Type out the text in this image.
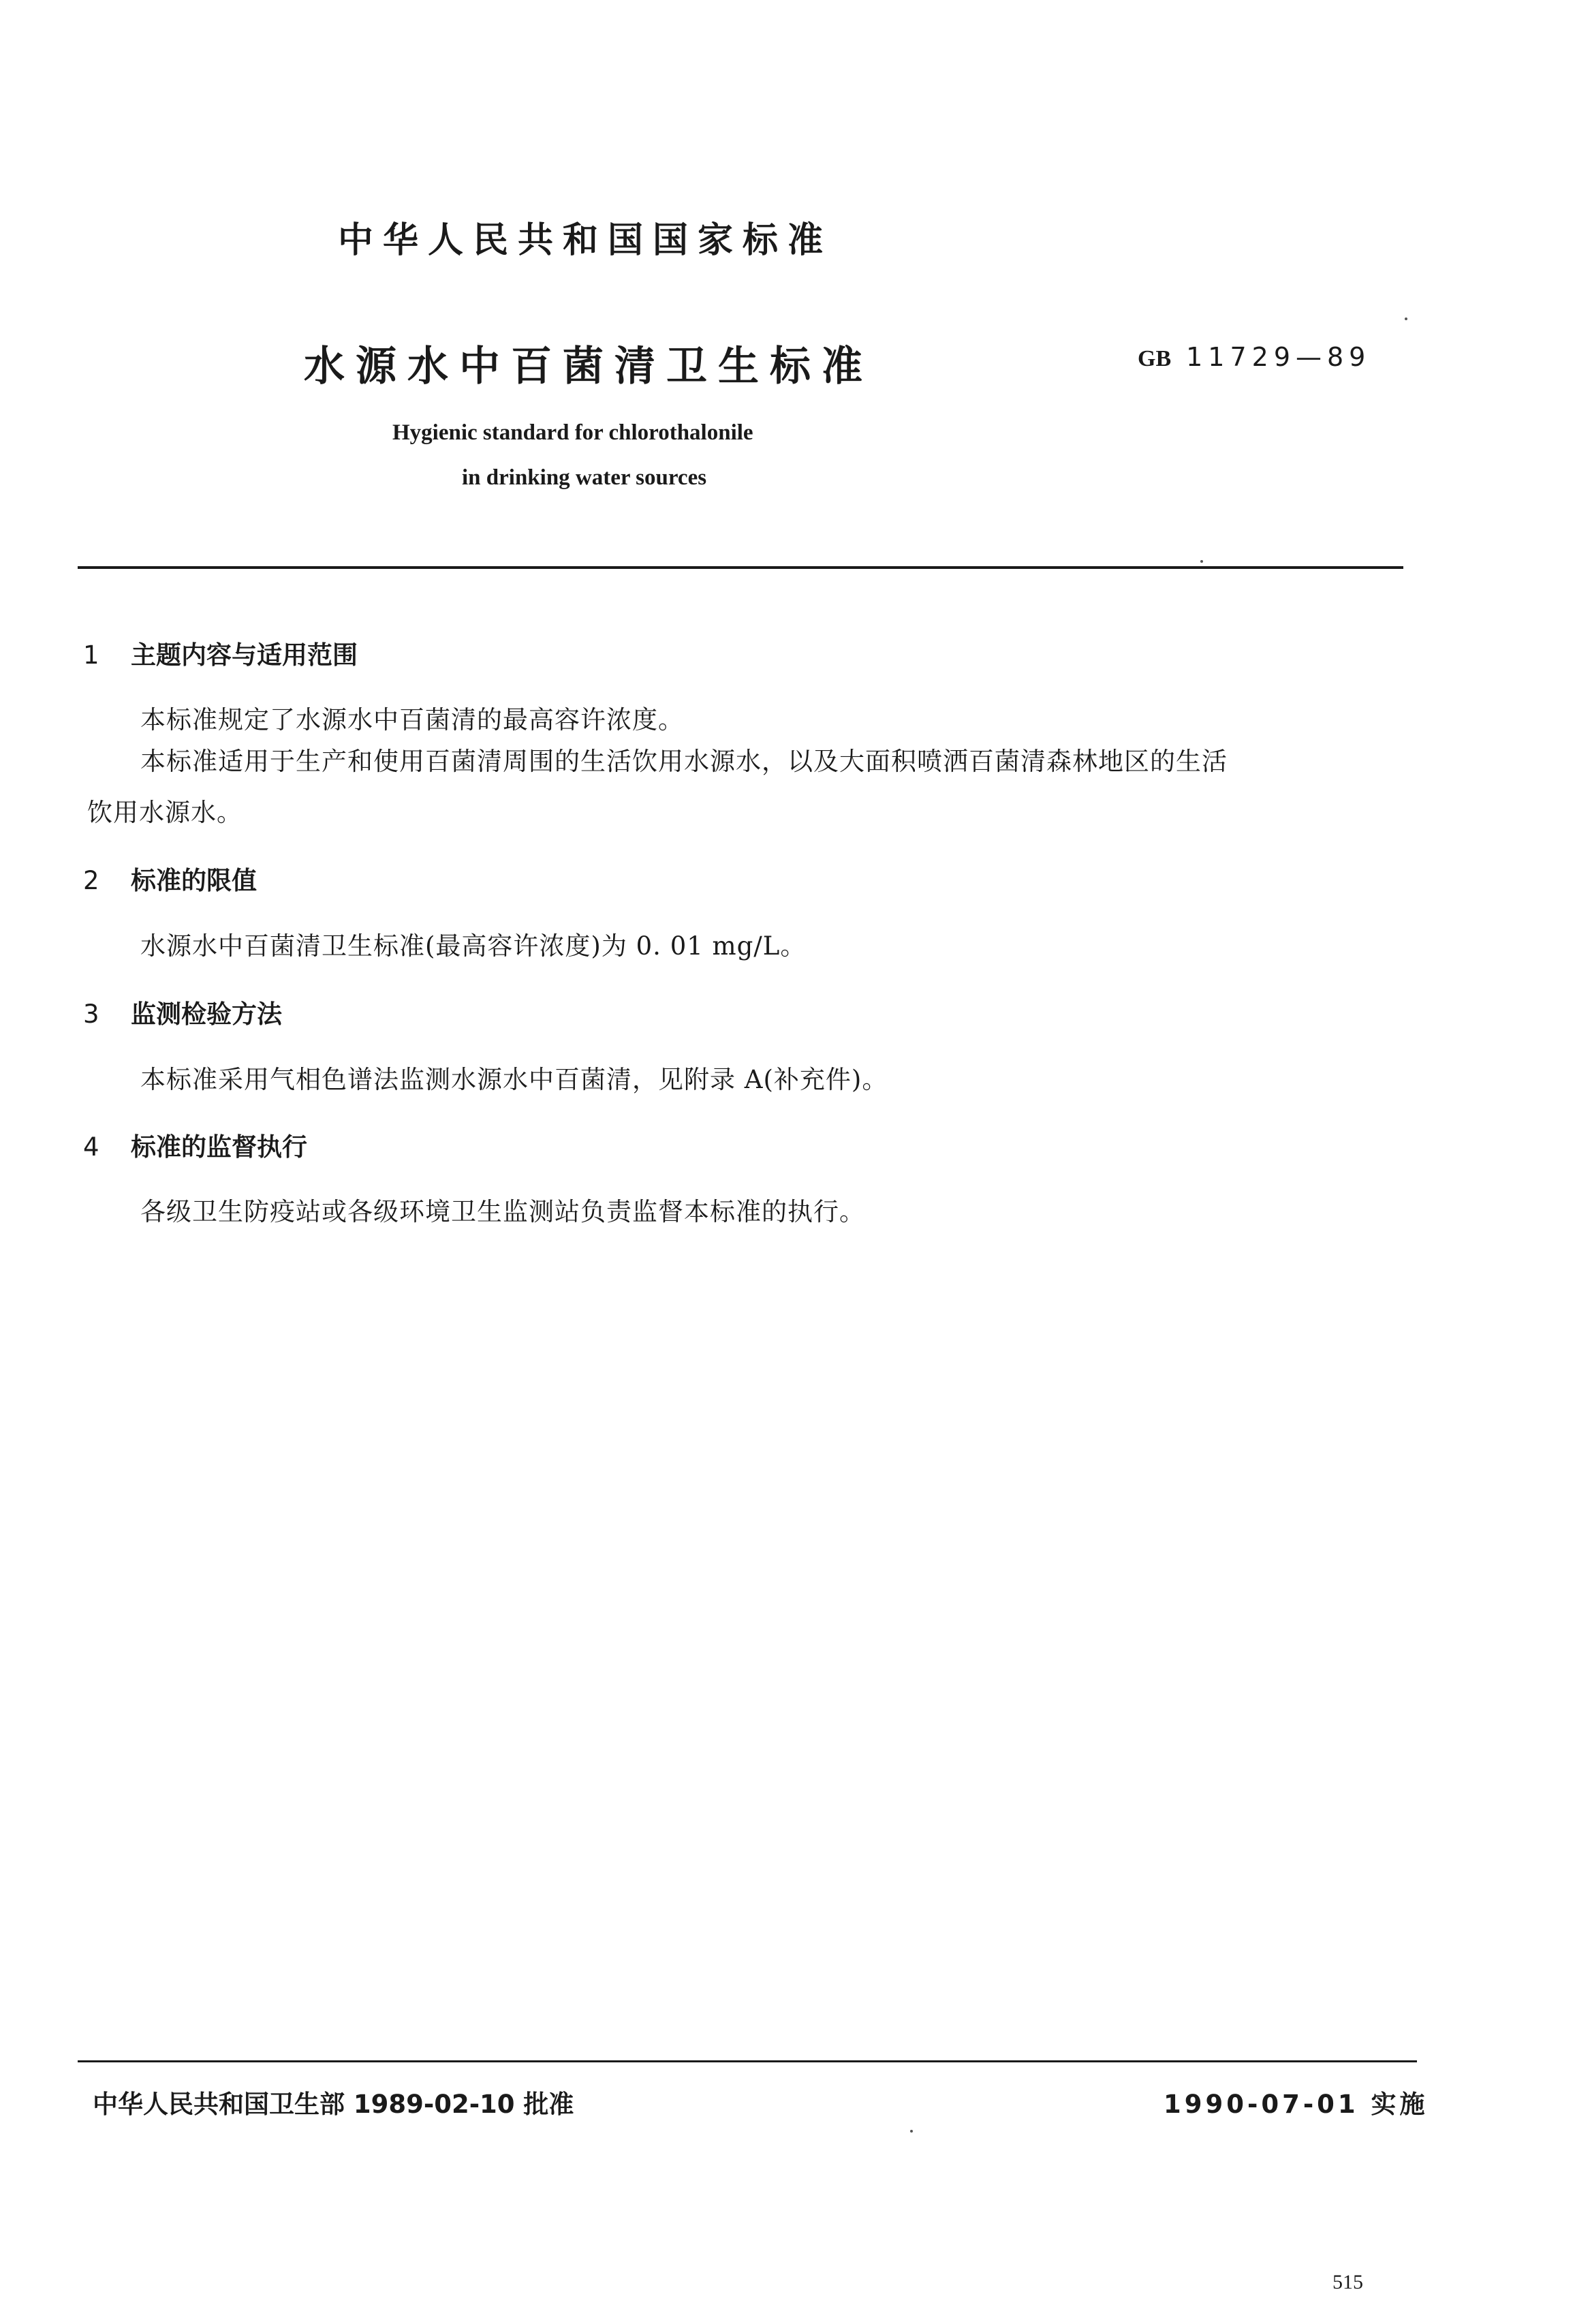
中华人民共和国国家标准
水源水中百菌清卫生标准	GB 11729—89
Hygienic standard for chlorothalonile
in drinking water sources
1 主题内容与适用范围
本标准规定了水源水中百菌清的最高容许浓度。
本标准适用于生产和使用百菌清周围的生活饮用水源水，以及大面积喷洒百菌清森林地区的生活
饮用水源水。
2 标准的限值
水源水中百菌清卫生标准(最高容许浓度)为 0. 01 mg/L。
3 监测检验方法
本标准采用气相色谱法监测水源水中百菌清，见附录 A(补充件)。
4 标准的监督执行
各级卫生防疫站或各级环境卫生监测站负责监督本标准的执行。
中华人民共和国卫生部 1989-02-10 批准	1990-07-01 实施
515
